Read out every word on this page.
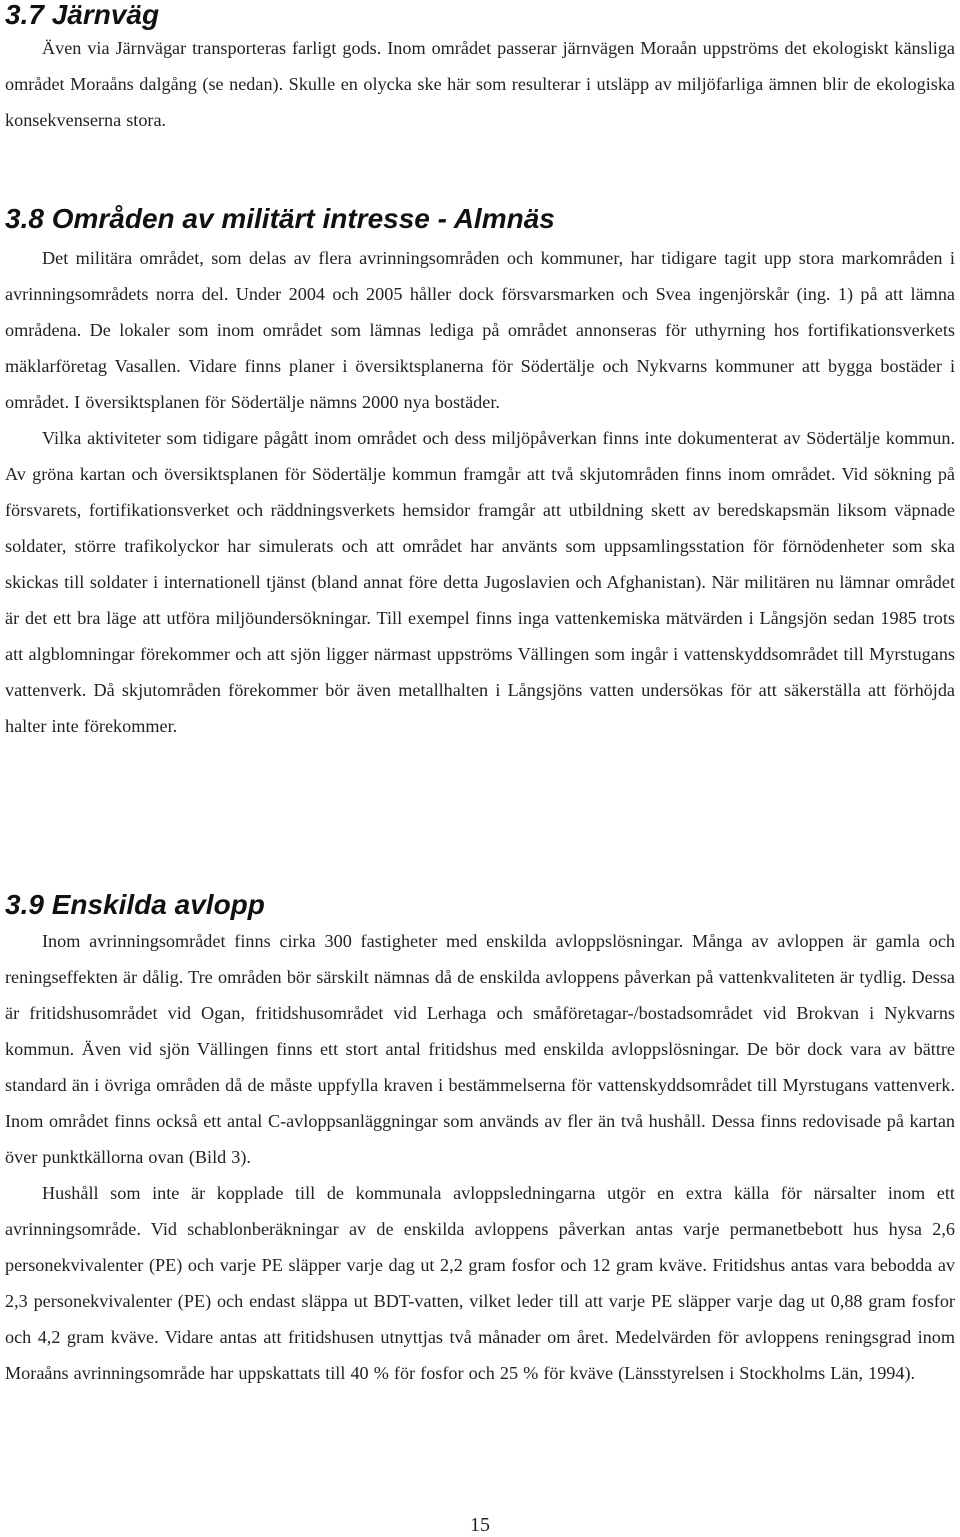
3.7 Järnväg

Även via Järnvägar transporteras farligt gods. Inom området passerar järnvägen Moraån uppströms det ekologiskt känsliga området Moraåns dalgång (se nedan). Skulle en olycka ske här som resulterar i utsläpp av miljöfarliga ämnen blir de ekologiska konsekvenserna stora.

3.8 Områden av militärt intresse - Almnäs

Det militära området, som delas av flera avrinningsområden och kommuner, har tidigare tagit upp stora markområden i avrinningsområdets norra del. Under 2004 och 2005 håller dock försvarsmarken och Svea ingenjörskår (ing. 1) på att lämna områdena. De lokaler som inom området som lämnas lediga på området annonseras för uthyrning hos fortifikationsverkets mäklarföretag Vasallen. Vidare finns planer i översiktsplanerna för Södertälje och Nykvarns kommuner att bygga bostäder i området. I översiktsplanen för Södertälje nämns 2000 nya bostäder.

Vilka aktiviteter som tidigare pågått inom området och dess miljöpåverkan finns inte dokumenterat av Södertälje kommun. Av gröna kartan och översiktsplanen för Södertälje kommun framgår att två skjutområden finns inom området. Vid sökning på försvarets, fortifikationsverket och räddningsverkets hemsidor framgår att utbildning skett av beredskapsmän liksom väpnade soldater, större trafikolyckor har simulerats och att området har använts som uppsamlingsstation för förnödenheter som ska skickas till soldater i internationell tjänst (bland annat före detta Jugoslavien och Afghanistan). När militären nu lämnar området är det ett bra läge att utföra miljöundersökningar. Till exempel finns inga vattenkemiska mätvärden i Långsjön sedan 1985 trots att algblomningar förekommer och att sjön ligger närmast uppströms Vällingen som ingår i vattenskyddsområdet till Myrstugans vattenverk. Då skjutområden förekommer bör även metallhalten i Långsjöns vatten undersökas för att säkerställa att förhöjda halter inte förekommer.

3.9 Enskilda avlopp

Inom avrinningsområdet finns cirka 300 fastigheter med enskilda avloppslösningar. Många av avloppen är gamla och reningseffekten är dålig. Tre områden bör särskilt nämnas då de enskilda avloppens påverkan på vattenkvaliteten är tydlig. Dessa är fritidshusområdet vid Ogan, fritidshusområdet vid Lerhaga och småföretagar-/bostadsområdet vid Brokvan i Nykvarns kommun. Även vid sjön Vällingen finns ett stort antal fritidshus med enskilda avloppslösningar. De bör dock vara av bättre standard än i övriga områden då de måste uppfylla kraven i bestämmelserna för vattenskyddsområdet till Myrstugans vattenverk. Inom området finns också ett antal C-avloppsanläggningar som används av fler än två hushåll. Dessa finns redovisade på kartan över punktkällorna ovan (Bild 3).

Hushåll som inte är kopplade till de kommunala avloppsledningarna utgör en extra källa för närsalter inom ett avrinningsområde. Vid schablonberäkningar av de enskilda avloppens påverkan antas varje permanetbebott hus hysa 2,6 personekvivalenter (PE) och varje PE släpper varje dag ut 2,2 gram fosfor och 12 gram kväve. Fritidshus antas vara bebodda av 2,3 personekvivalenter (PE) och endast släppa ut BDT-vatten, vilket leder till att varje PE släpper varje dag ut 0,88 gram fosfor och 4,2 gram kväve. Vidare antas att fritidshusen utnyttjas två månader om året. Medelvärden för avloppens reningsgrad inom Moraåns avrinningsområde har uppskattats till 40 % för fosfor och 25 % för kväve (Länsstyrelsen i Stockholms Län, 1994).

15
